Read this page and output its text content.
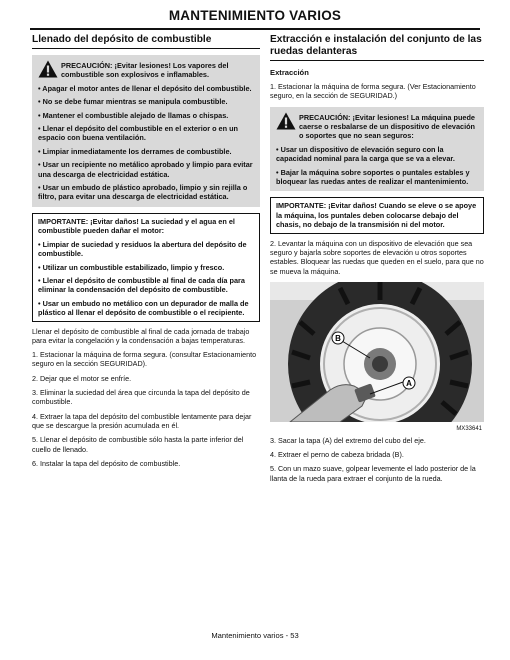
MANTENIMIENTO VARIOS
Llenado del depósito de combustible
PRECAUCIÓN: ¡Evitar lesiones! Los vapores del combustible son explosivos e inflamables.
• Apagar el motor antes de llenar el depósito del combustible.
• No se debe fumar mientras se manipula combustible.
• Mantener el combustible alejado de llamas o chispas.
• Llenar el depósito del combustible en el exterior o en un espacio con buena ventilación.
• Limpiar inmediatamente los derrames de combustible.
• Usar un recipiente no metálico aprobado y limpio para evitar una descarga de electricidad estática.
• Usar un embudo de plástico aprobado, limpio y sin rejilla o filtro, para evitar una descarga de electricidad estática.
IMPORTANTE: ¡Evitar daños! La suciedad y el agua en el combustible pueden dañar el motor:
• Limpiar de suciedad y residuos la abertura del depósito de combustible.
• Utilizar un combustible estabilizado, limpio y fresco.
• Llenar el depósito de combustible al final de cada día para eliminar la condensación del depósito de combustible.
• Usar un embudo no metálico con un depurador de malla de plástico al llenar el depósito de combustible o el recipiente.

Llenar el depósito de combustible al final de cada jornada de trabajo para evitar la congelación y la condensación a bajas temperaturas.

1. Estacionar la máquina de forma segura. (consultar Estacionamiento seguro en la sección SEGURIDAD).

2. Dejar que el motor se enfríe.

3. Eliminar la suciedad del área que circunda la tapa del depósito de combustible.

4. Extraer la tapa del depósito del combustible lentamente para dejar que se descargue la presión acumulada en él.

5. Llenar el depósito de combustible sólo hasta la parte inferior del cuello de llenado.

6. Instalar la tapa del depósito de combustible.

Extracción e instalación del conjunto de las ruedas delanteras
Extracción

1. Estacionar la máquina de forma segura. (Ver Estacionamiento seguro, en la sección de SEGURIDAD.)

PRECAUCIÓN: ¡Evitar lesiones! La máquina puede caerse o resbalarse de un dispositivo de elevación o soportes que no sean seguros:
• Usar un dispositivo de elevación seguro con la capacidad nominal para la carga que se va a elevar.
• Bajar la máquina sobre soportes o puntales estables y bloquear las ruedas antes de realizar el mantenimiento.
IMPORTANTE: ¡Evitar daños! Cuando se eleve o se apoye la máquina, los puntales deben colocarse debajo del chasis, no debajo de la transmisión ni del motor.

2. Levantar la máquina con un dispositivo de elevación que sea seguro y bajarla sobre soportes de elevación u otros soportes estables. Bloquear las ruedas que queden en el suelo, para que no se mueva la máquina.

B
A
MX33641

3. Sacar la tapa (A) del extremo del cubo del eje.

4. Extraer el perno de cabeza bridada (B).

5. Con un mazo suave, golpear levemente el lado posterior de la llanta de la rueda para extraer el conjunto de la rueda.

Mantenimiento varios - 53
